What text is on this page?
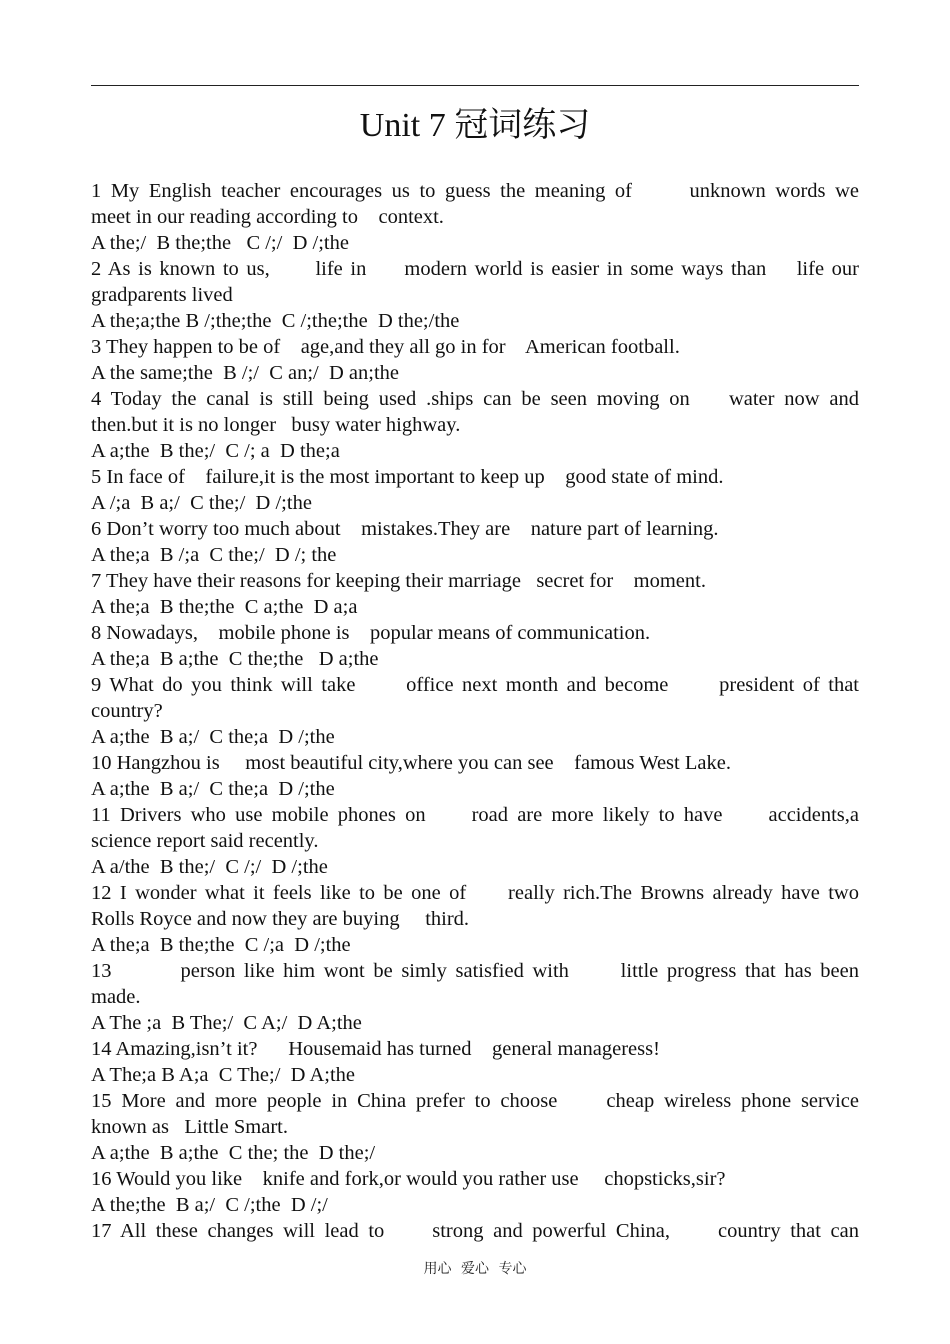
Unit 7 冠词练习
1 My English teacher encourages us to guess the meaning of      unknown words we
meet in our reading according to    context.
A the;/  B the;the   C /;/  D /;the
2 As is known to us,      life in     modern world is easier in some ways than    life our
gradparents lived
A the;a;the B /;the;the  C /;the;the  D the;/the
3 They happen to be of    age,and they all go in for    American football.
A the same;the  B /;/  C an;/  D an;the
4 Today the canal is still being used .ships can be seen moving on    water now and
then.but it is no longer   busy water highway.
A a;the  B the;/  C /; a  D the;a
5 In face of    failure,it is the most important to keep up    good state of mind.
A /;a  B a;/  C the;/  D /;the
6 Don’t worry too much about    mistakes.They are    nature part of learning.
A the;a  B /;a  C the;/  D /; the
7 They have their reasons for keeping their marriage   secret for    moment.
A the;a  B the;the  C a;the  D a;a
8 Nowadays,    mobile phone is    popular means of communication.
A the;a  B a;the  C the;the   D a;the
9 What do you think will take      office next month and become      president of that
country?
A a;the  B a;/  C the;a  D /;the
10 Hangzhou is     most beautiful city,where you can see    famous West Lake.
A a;the  B a;/  C the;a  D /;the
11 Drivers who use mobile phones on     road are more likely to have     accidents,a
science report said recently.
A a/the  B the;/  C /;/  D /;the
12 I wonder what it feels like to be one of     really rich.The Browns already have two
Rolls Royce and now they are buying     third.
A the;a  B the;the  C /;a  D /;the
13        person like him wont be simly satisfied with      little progress that has been
made.
A The ;a  B The;/  C A;/  D A;the
14 Amazing,isn’t it?      Housemaid has turned    general manageress!
A The;a B A;a  C The;/  D A;the
15 More and more people in China prefer to choose     cheap wireless phone service
known as   Little Smart.
A a;the  B a;the  C the; the  D the;/
16 Would you like    knife and fork,or would you rather use     chopsticks,sir?
A the;the  B a;/  C /;the  D /;/
17 All these changes will lead to     strong and powerful China,     country that can
用心 爱心 专心
